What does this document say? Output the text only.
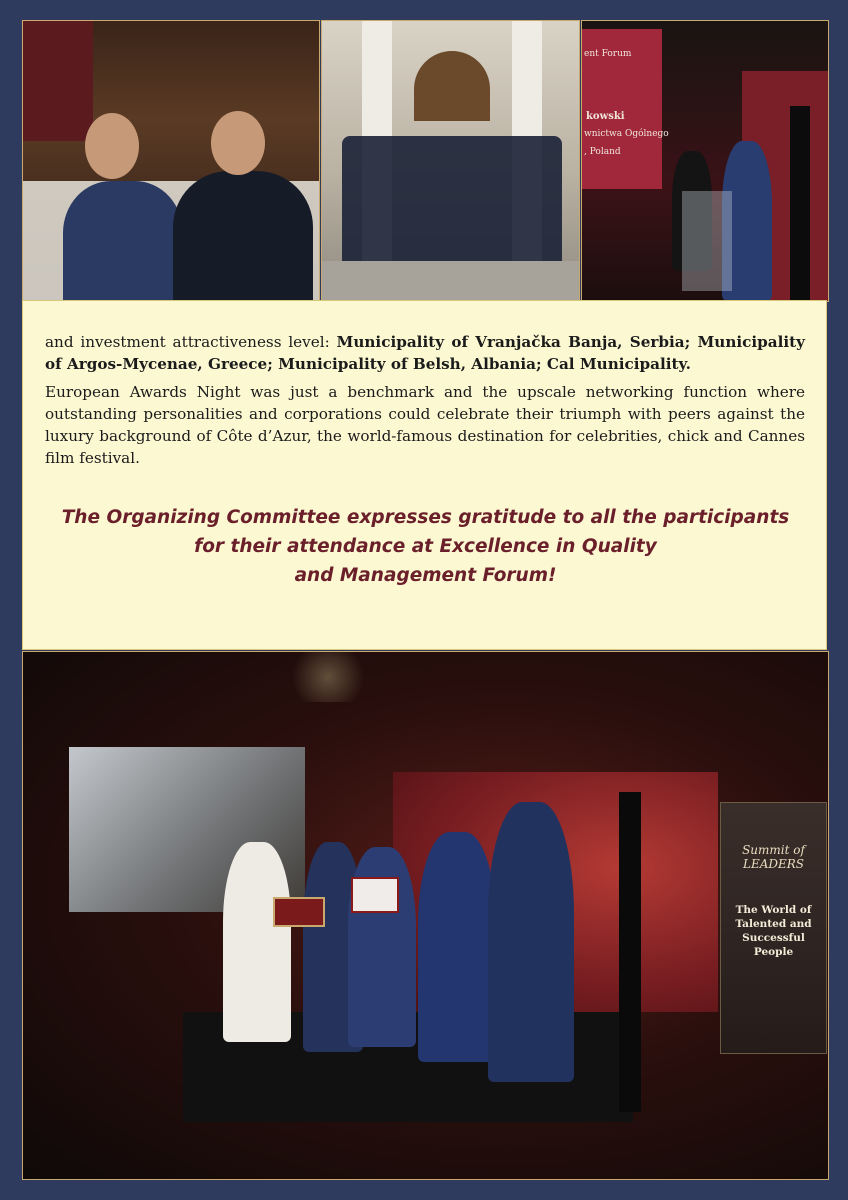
ent Forum
kowski
wnictwa Ogólnego
, Poland
and investment attractiveness level: Municipality of Vranjačka Banja, Serbia; Municipality of Argos-Mycenae, Greece; Municipality of Belsh, Albania; Cal Municipality.
European Awards Night was just a benchmark and the upscale networking function where outstanding personalities and corporations could celebrate their triumph with peers against the luxury background of Côte d’Azur, the world-famous destination for celebrities, chick and Cannes film festival.
The Organizing Committee expresses gratitude to all the participants
for their attendance at Excellence in Quality
and Management Forum!
Summit of LEADERS
The World of Talented and Successful People
